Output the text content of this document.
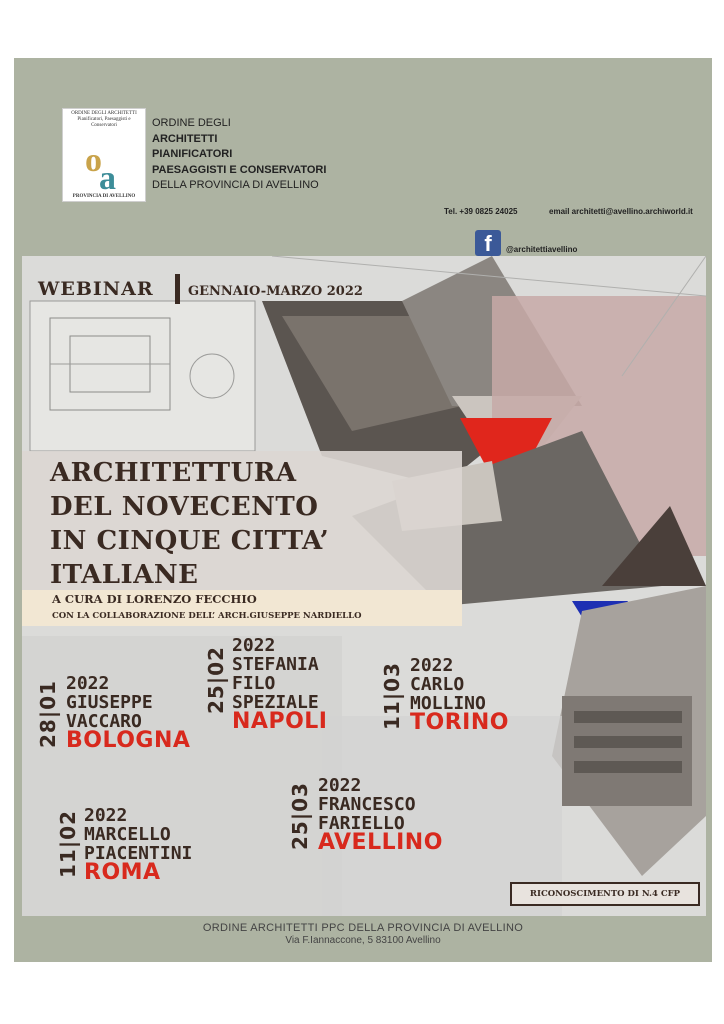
ORDINE DEGLI ARCHITETTI Pianificatori, Paesaggisti e Conservatori
o
a
PROVINCIA DI AVELLINO
ORDINE DEGLI
ARCHITETTI
PIANIFICATORI
PAESAGGISTI E CONSERVATORI
DELLA PROVINCIA DI AVELLINO
Tel. +39 0825 24025	email architetti@avellino.archiworld.it
f	@architettiavellino
WEBINAR	GENNAIO-MARZO 2022
ARCHITETTURA
DEL NOVECENTO
IN CINQUE CITTA’
ITALIANE
A CURA DI LORENZO FECCHIO
CON LA COLLABORAZIONE DELL’ ARCH.GIUSEPPE NARDIELLO
28|01 2022
GIUSEPPE
VACCARO
BOLOGNA
25|02
2022
STEFANIA
FILO
SPEZIALE
NAPOLI	11|03 2022
CARLO
MOLLINO
TORINO
11|02 2022
MARCELLO
PIACENTINI
ROMA
25|03 2022
FRANCESCO
FARIELLO
AVELLINO
RICONOSCIMENTO DI N.4 CFP
ORDINE ARCHITETTI PPC DELLA PROVINCIA DI AVELLINO
Via F.Iannaccone, 5 83100 Avellino
